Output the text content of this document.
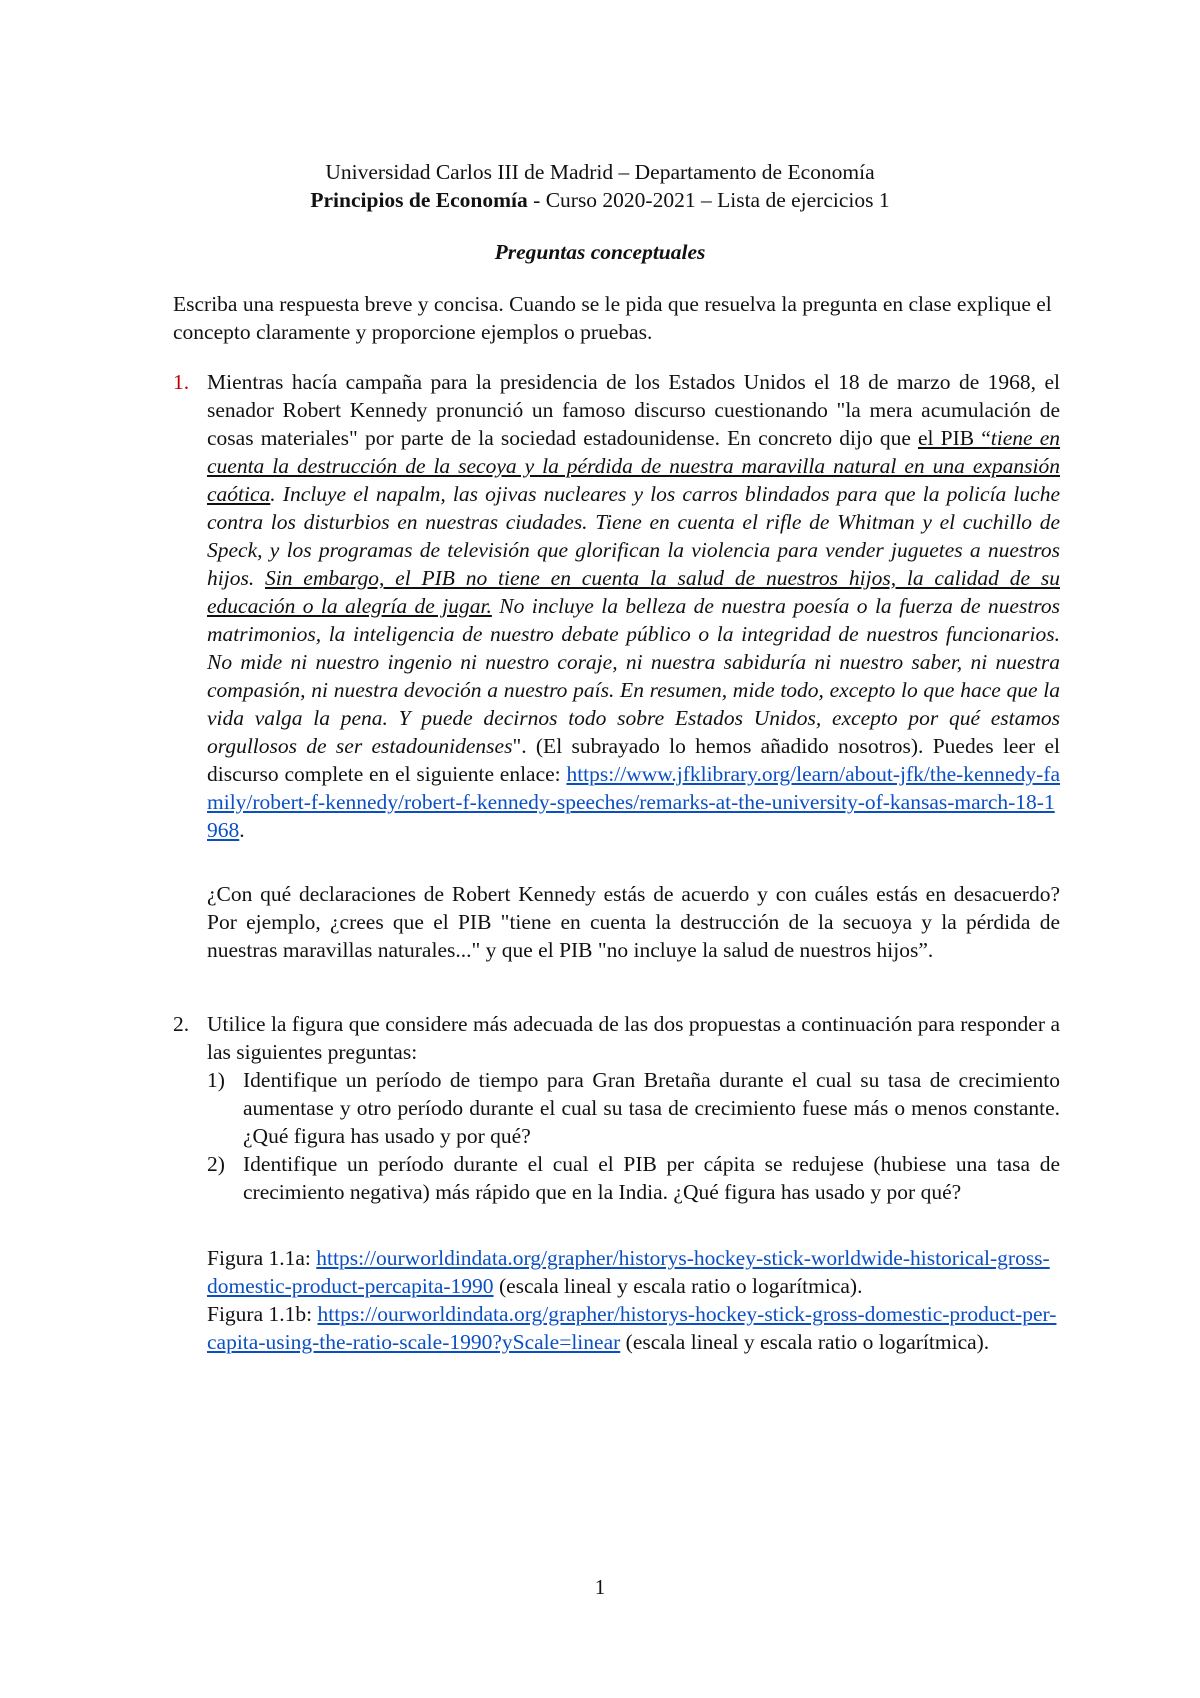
Universidad Carlos III de Madrid – Departamento de Economía
Principios de Economía - Curso 2020-2021 – Lista de ejercicios 1
Preguntas conceptuales
Escriba una respuesta breve y concisa. Cuando se le pida que resuelva la pregunta en clase explique el concepto claramente y proporcione ejemplos o pruebas.
1. Mientras hacía campaña para la presidencia de los Estados Unidos el 18 de marzo de 1968, el senador Robert Kennedy pronunció un famoso discurso cuestionando "la mera acumulación de cosas materiales" por parte de la sociedad estadounidense. En concreto dijo que el PIB “tiene en cuenta la destrucción de la secoya y la pérdida de nuestra maravilla natural en una expansión caótica. Incluye el napalm, las ojivas nucleares y los carros blindados para que la policía luche contra los disturbios en nuestras ciudades. Tiene en cuenta el rifle de Whitman y el cuchillo de Speck, y los programas de televisión que glorifican la violencia para vender juguetes a nuestros hijos. Sin embargo, el PIB no tiene en cuenta la salud de nuestros hijos, la calidad de su educación o la alegría de jugar. No incluye la belleza de nuestra poesía o la fuerza de nuestros matrimonios, la inteligencia de nuestro debate público o la integridad de nuestros funcionarios. No mide ni nuestro ingenio ni nuestro coraje, ni nuestra sabiduría ni nuestro saber, ni nuestra compasión, ni nuestra devoción a nuestro país. En resumen, mide todo, excepto lo que hace que la vida valga la pena. Y puede decirnos todo sobre Estados Unidos, excepto por qué estamos orgullosos de ser estadounidenses". (El subrayado lo hemos añadido nosotros). Puedes leer el discurso complete en el siguiente enlace: https://www.jfklibrary.org/learn/about-jfk/the-kennedy-family/robert-f-kennedy/robert-f-kennedy-speeches/remarks-at-the-university-of-kansas-march-18-1968.
¿Con qué declaraciones de Robert Kennedy estás de acuerdo y con cuáles estás en desacuerdo? Por ejemplo, ¿crees que el PIB "tiene en cuenta la destrucción de la secuoya y la pérdida de nuestras maravillas naturales..." y que el PIB "no incluye la salud de nuestros hijos”.
2. Utilice la figura que considere más adecuada de las dos propuestas a continuación para responder a las siguientes preguntas:
1) Identifique un período de tiempo para Gran Bretaña durante el cual su tasa de crecimiento aumentase y otro período durante el cual su tasa de crecimiento fuese más o menos constante. ¿Qué figura has usado y por qué?
2) Identifique un período durante el cual el PIB per cápita se redujese (hubiese una tasa de crecimiento negativa) más rápido que en la India. ¿Qué figura has usado y por qué?
Figura 1.1a: https://ourworldindata.org/grapher/historys-hockey-stick-worldwide-historical-gross-domestic-product-percapita-1990 (escala lineal y escala ratio o logarítmica).
Figura 1.1b: https://ourworldindata.org/grapher/historys-hockey-stick-gross-domestic-product-per-capita-using-the-ratio-scale-1990?yScale=linear (escala lineal y escala ratio o logarítmica).
1
